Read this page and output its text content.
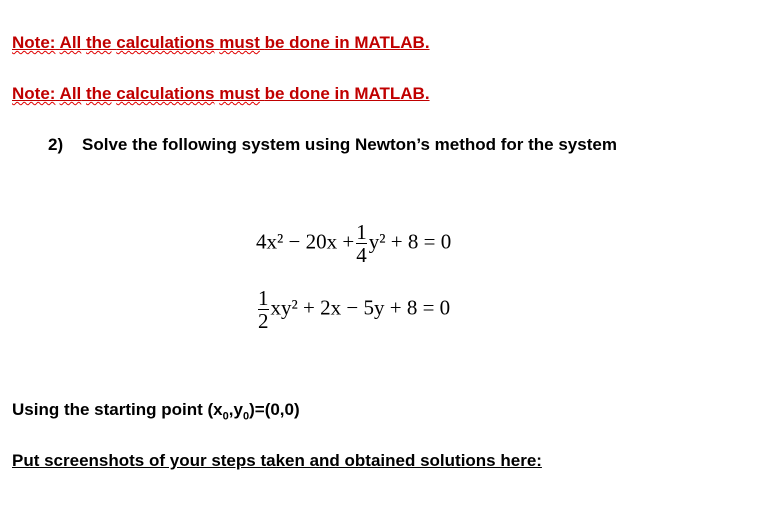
Note: All the calculations must be done in MATLAB.
Note: All the calculations must be done in MATLAB.
2) Solve the following system using Newton’s method for the system
$4x^2 - 20x + \frac{1}{4} y^2 + 8 = 0$
$\frac{1}{2} xy^2 + 2x - 5y + 8 = 0$
Using the starting point $(x_0,y_0)=(0,0)$
Put screenshots of your steps taken and obtained solutions here:
